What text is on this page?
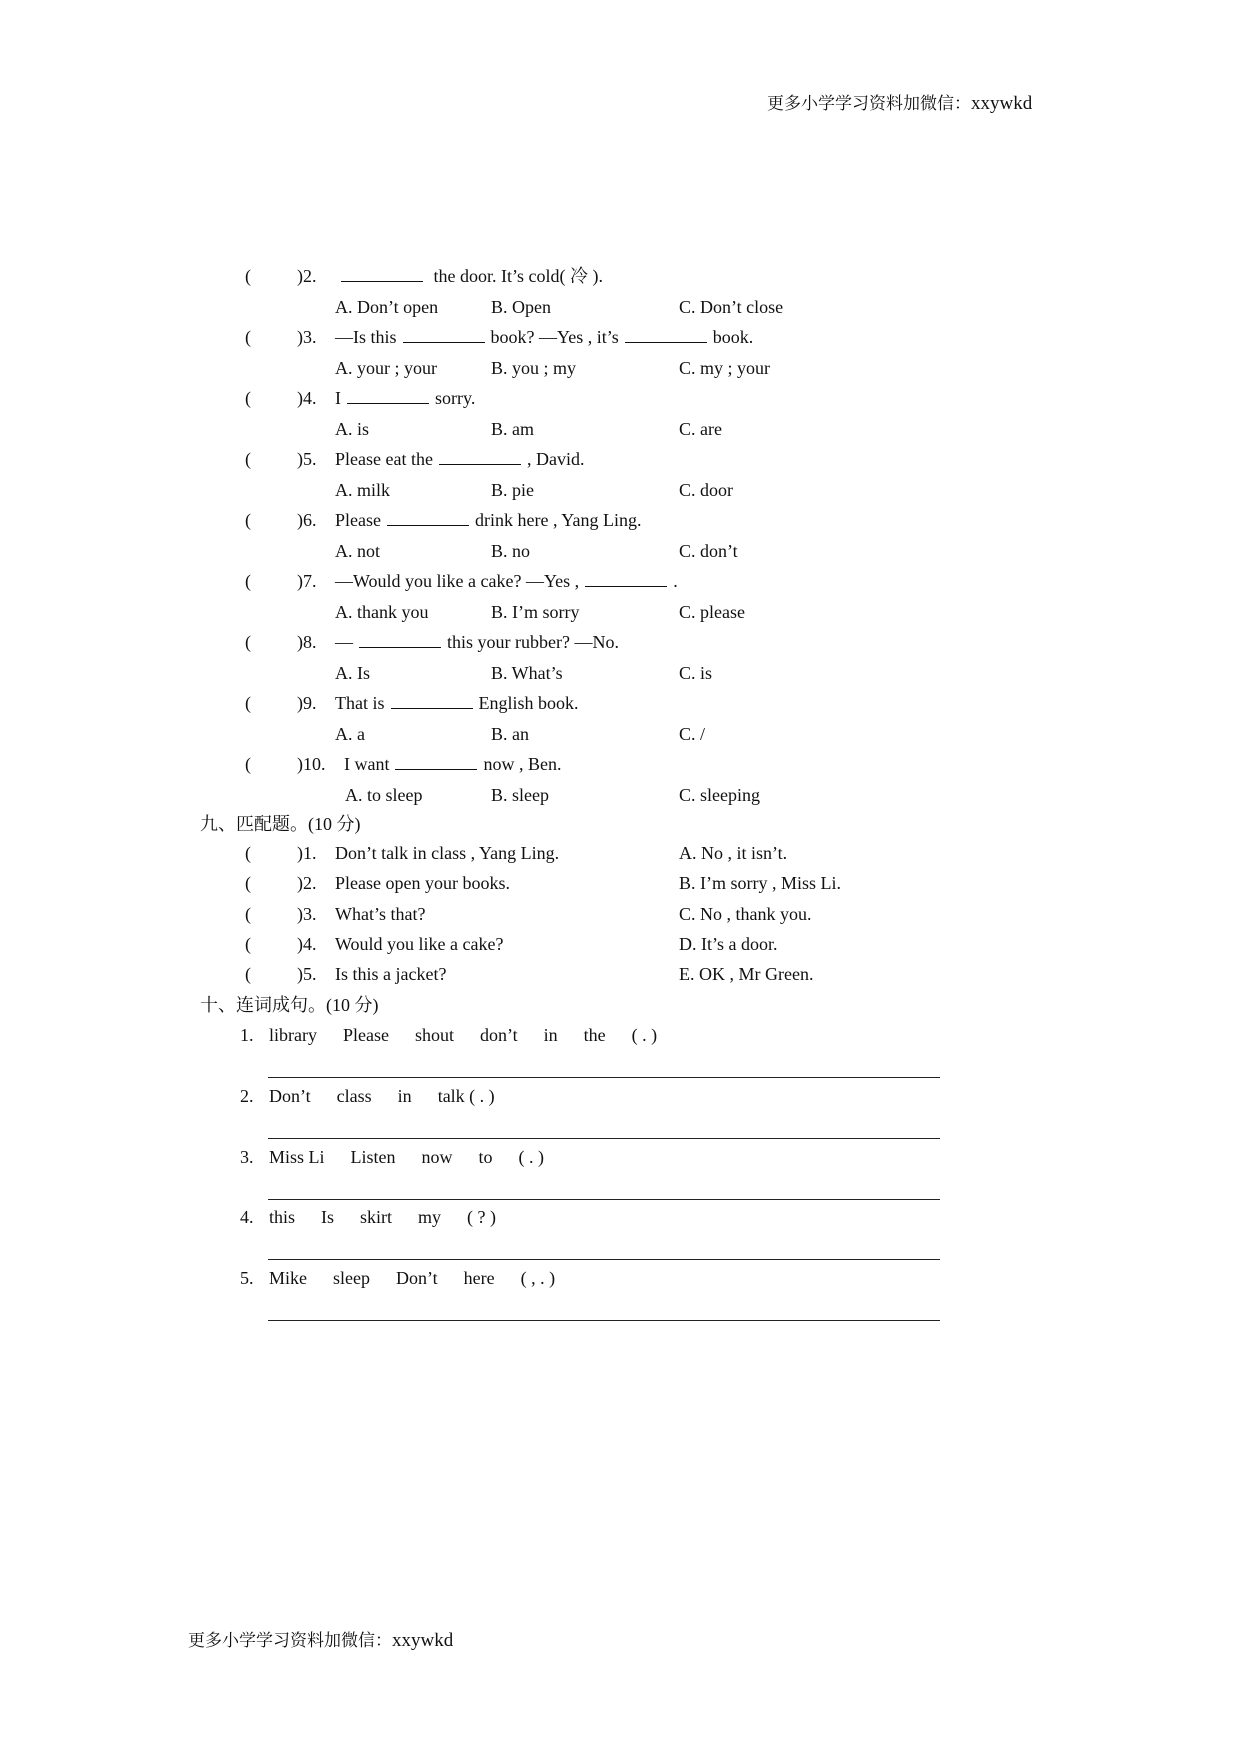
更多小学学习资料加微信：xxywkd
(	)2.	the door. It’s cold( 冷 ).
A. Don’t open	B. Open	C. Don’t close
(	)3. —Is this	book? —Yes , it’s	book.
A. your ; your	B. you ; my	C. my ; your
(	)4. I	sorry.
A. is	B. am	C. are
(	)5. Please eat the	, David.
A. milk	B. pie	C. door
(	)6. Please	drink here , Yang Ling.
A. not	B. no	C. don’t
(	)7. —Would you like a cake? —Yes ,	.
A. thank you	B. I’m sorry	C. please
(	)8. —	this your rubber? —No.
A. Is	B. What’s	C. is
(	)9. That is	English book.
A. a	B. an	C. /
(	)10. I want	now , Ben.
A. to sleep	B. sleep	C. sleeping
九、匹配题。(10 分)
(	)1. Don’t talk in class , Yang Ling.	A. No , it isn’t.
(	)2. Please open your books.	B. I’m sorry , Miss Li.
(	)3. What’s that?	C. No , thank you.
(	)4. Would you like a cake?	D. It’s a door.
(	)5. Is this a jacket?	E. OK , Mr Green.
十、连词成句。(10 分)
1. library Please shout don’t in the ( . )
2. Don’t class in talk ( . )
3. Miss Li Listen now to ( . )
4. this Is skirt my ( ? )
5. Mike sleep Don’t here ( , . )
更多小学学习资料加微信：xxywkd
